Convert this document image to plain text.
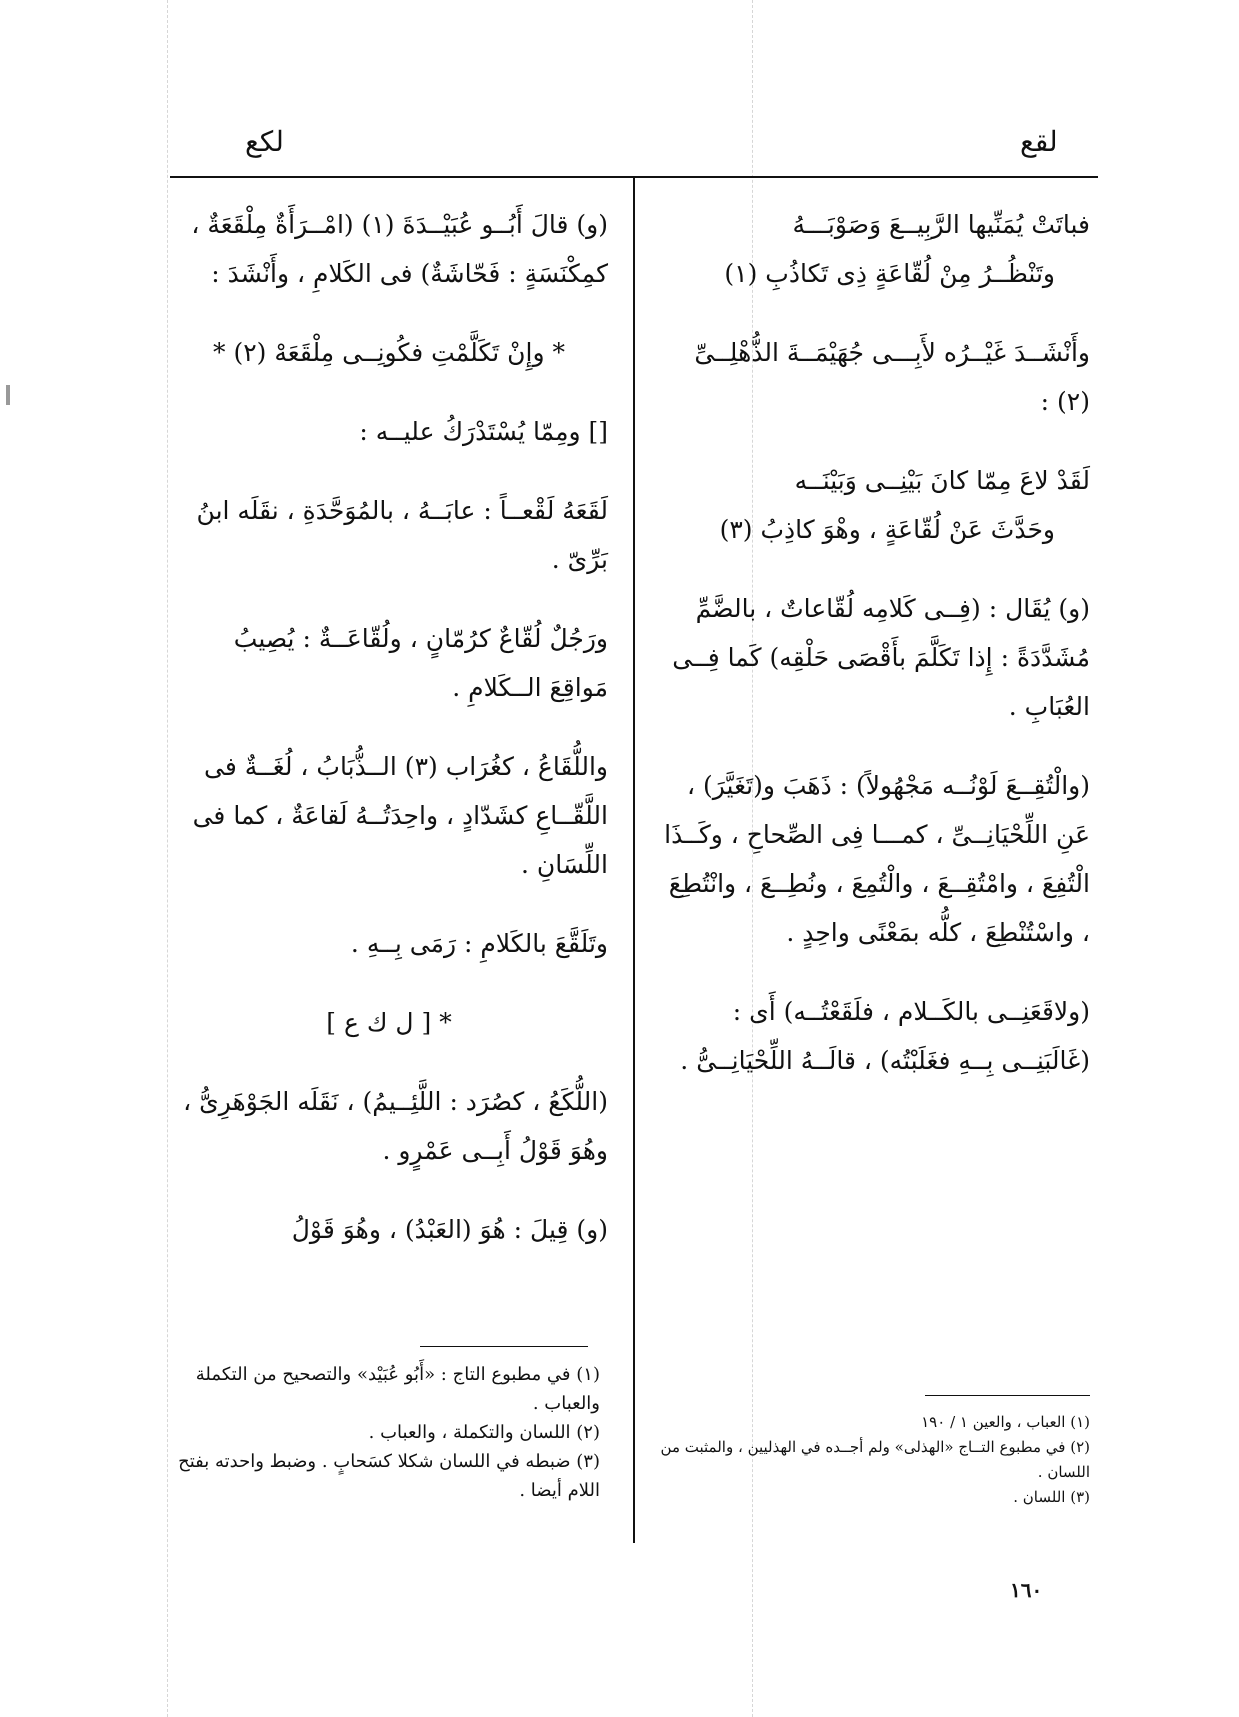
لكع	لقع

فباتَتْ يُمَنِّيها الرَّبِيــعَ وَصَوْبَـــهُ

وتَنْظُــرُ مِنْ لُقّاعَةٍ ذِى تَكاذُبِ (١)

وأَنْشَــدَ غَيْــرُه لأَبِـــى جُهَيْمَــةَ الذُّهْلِــىِّ (٢) :

لَقَدْ لاعَ مِمّا كانَ بَيْنِــى وَبَيْنَــه

وحَدَّثَ عَنْ لُقّاعَةٍ ، وهْوَ كاذِبُ (٣)

(و) يُقَال : (فِــى كَلامِه لُقّاعاتٌ ، بالضَّمِّ مُشَدَّدَةً : إِذا تَكَلَّمَ بأَقْصَى حَلْقِه) كَما فِــى العُبَابِ .

(والْتُقِــعَ لَوْنُــه مَجْهُولاً) : ذَهَبَ و(تَغَيَّرَ) ، عَنِ اللِّحْيَانِــىِّ ، كمـــا فِى الصِّحاحِ ، وكَــذَا الْتُفِعَ ، وامْتُقِــعَ ، والْتُمِعَ ، ونُطِــعَ ، وانْتُطِعَ ، واسْتُنْطِعَ ، كلُّه بمَعْنًى واحِدٍ .

(ولاقَعَنِــى بالكَــلام ، فلَقَعْتُــه) أَى : (غَالَبَنِــى بِــهِ فغَلَبْتُه) ، قالَــهُ اللِّحْيَانِــىُّ .

(و) قالَ أَبُــو عُبَيْــدَةَ (١) (امْــرَأَةٌ مِلْقَعَةٌ ، كمِكْنَسَةٍ : فَحّاشَةٌ) فى الكَلامِ ، وأَنْشَدَ :

* وإِنْ تَكَلَّمْتِ فكُونِــى مِلْقَعَهْ (٢) *

[] ومِمّا يُسْتَدْرَكُ عليــه :

لَقَعَهُ لَقْعــاً : عابَــهُ ، بالمُوَحَّدَةِ ، نقَلَه ابنُ بَرِّىّ .

ورَجُلٌ لُقّاعٌ كرُمّانٍ ، ولُقّاعَــةٌ : يُصِيبُ مَواقِعَ الــكَلامِ .

واللُّقَاعُ ، كغُرَاب (٣) الــذُّبَابُ ، لُغَــةٌ فى اللَّقّــاعِ كشَدّادٍ ، واحِدَتُــهُ لَقاعَةٌ ، كما فى اللِّسَانِ .

وتَلَقَّعَ بالكَلامِ : رَمَى بِــهِ .

* [ ل ك ع ]

(اللُّكَعُ ، كصُرَد : اللَّئِــيمُ) ، نَقَلَه الجَوْهَرِىُّ ، وهُوَ قَوْلُ أَبِــى عَمْرٍو .

(و) قِيلَ : هُوَ (العَبْدُ) ، وهُوَ قَوْلُ

(١) في مطبوع التاج : «أَبُو عُبَيْد» والتصحيح من التكملة والعباب .

(٢) اللسان والتكملة ، والعباب .

(٣) ضبطه في اللسان شكلا كسَحابٍ . وضبط واحدته بفتح اللام أيضا .

(١) العباب ، والعين ١ / ١٩٠

(٢) في مطبوع التــاج «الهذلى» ولم أجــده في الهذليين ، والمثبت من اللسان .

(٣) اللسان .

١٦٠
